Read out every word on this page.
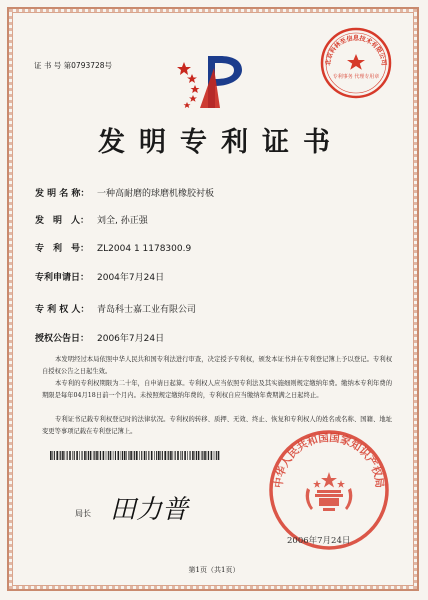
证 书 号 第0793728号	北京科林至信息技术有限公司
专利事务 代理专用章
发明专利证书
发 明 名 称： 一种高耐磨的球磨机橡胶衬板
发　明　人： 刘全, 孙正强
专　利　号： ZL2004 1 1178300.9
专利申请日： 2004年7月24日
专 利 权 人： 青岛科士嘉工业有限公司
授权公告日： 2006年7月24日
本发明经过本局依照中华人民共和国专利法进行审查，决定授予专利权，颁发本证书并在专利登记簿上予以登记。专利权自授权公告之日起生效。
本专利的专利权期限为二十年，自申请日起算。专利权人应当依照专利法及其实施细则规定缴纳年费。缴纳本专利年费的期限是每年04月18日前一个月内。未按照规定缴纳年费的，专利权自应当缴纳年费期满之日起终止。
专利证书记载专利权登记时的法律状况。专利权的转移、质押、无效、终止、恢复和专利权人的姓名或名称、国籍、地址变更等事项记载在专利登记簿上。
局长 田力普
中华人民共和国国家知识产权局
2006年7月24日
第1页（共1页）
